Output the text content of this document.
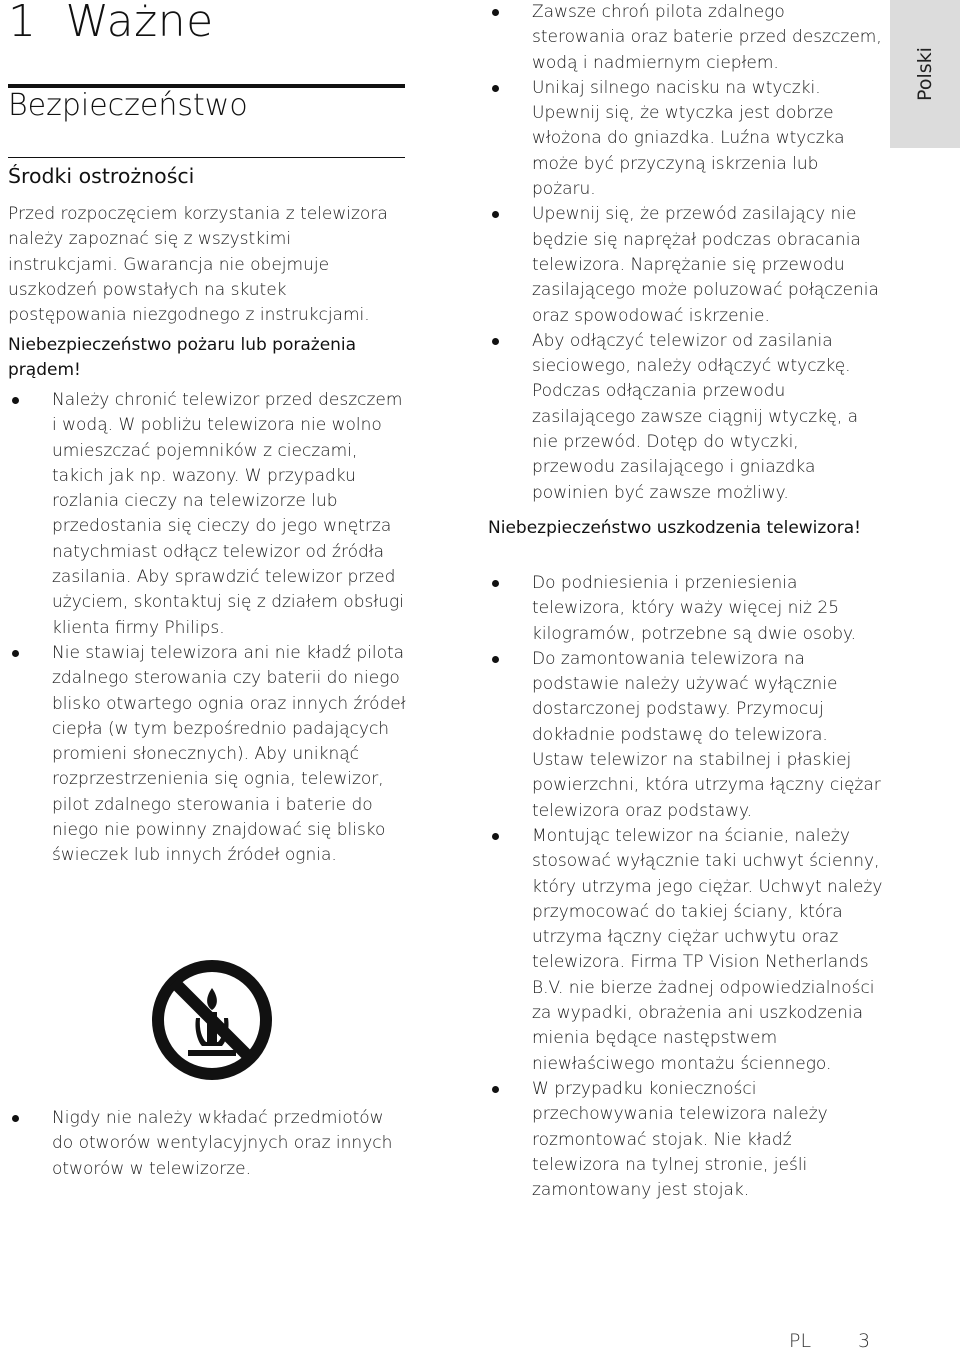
1 Ważne
Bezpieczeństwo
Środki ostrożności

Przed rozpoczęciem korzystania z telewizora należy zapoznać się z wszystkimi instrukcjami. Gwarancja nie obejmuje uszkodzeń powstałych na skutek postępowania niezgodnego z instrukcjami.

Niebezpieczeństwo pożaru lub porażenia prądem!

Należy chronić telewizor przed deszczem i wodą. W pobliżu telewizora nie wolno umieszczać pojemników z cieczami, takich jak np. wazony. W przypadku rozlania cieczy na telewizorze lub przedostania się cieczy do jego wnętrza natychmiast odłącz telewizor od źródła zasilania. Aby sprawdzić telewizor przed użyciem, skontaktuj się z działem obsługi klienta firmy Philips.
Nie stawiaj telewizora ani nie kładź pilota zdalnego sterowania czy baterii do niego blisko otwartego ognia oraz innych źródeł ciepła (w tym bezpośrednio padających promieni słonecznych). Aby uniknąć rozprzestrzenienia się ognia, telewizor, pilot zdalnego sterowania i baterie do niego nie powinny znajdować się blisko świeczek lub innych źródeł ognia.
Nigdy nie należy wkładać przedmiotów do otworów wentylacyjnych oraz innych otworów w telewizorze.
Zawsze chroń pilota zdalnego sterowania oraz baterie przed deszczem, wodą i nadmiernym ciepłem.
Unikaj silnego nacisku na wtyczki. Upewnij się, że wtyczka jest dobrze włożona do gniazdka. Luźna wtyczka może być przyczyną iskrzenia lub pożaru.
Upewnij się, że przewód zasilający nie będzie się naprężał podczas obracania telewizora. Naprężanie się przewodu zasilającego może poluzować połączenia oraz spowodować iskrzenie.
Aby odłączyć telewizor od zasilania sieciowego, należy odłączyć wtyczkę. Podczas odłączania przewodu zasilającego zawsze ciągnij wtyczkę, a nie przewód. Dotęp do wtyczki, przewodu zasilającego i gniazdka powinien być zawsze możliwy.

Niebezpieczeństwo uszkodzenia telewizora!

Do podniesienia i przeniesienia telewizora, który waży więcej niż 25 kilogramów, potrzebne są dwie osoby.
Do zamontowania telewizora na podstawie należy używać wyłącznie dostarczonej podstawy. Przymocuj dokładnie podstawę do telewizora. Ustaw telewizor na stabilnej i płaskiej powierzchni, która utrzyma łączny ciężar telewizora oraz podstawy.
Montując telewizor na ścianie, należy stosować wyłącznie taki uchwyt ścienny, który utrzyma jego ciężar. Uchwyt należy przymocować do takiej ściany, która utrzyma łączny ciężar uchwytu oraz telewizora. Firma TP Vision Netherlands B.V. nie bierze żadnej odpowiedzialności za wypadki, obrażenia ani uszkodzenia mienia będące następstwem niewłaściwego montażu ściennego.
W przypadku konieczności przechowywania telewizora należy rozmontować stojak. Nie kładź telewizora na tylnej stronie, jeśli zamontowany jest stojak.
Polski
PL 3
